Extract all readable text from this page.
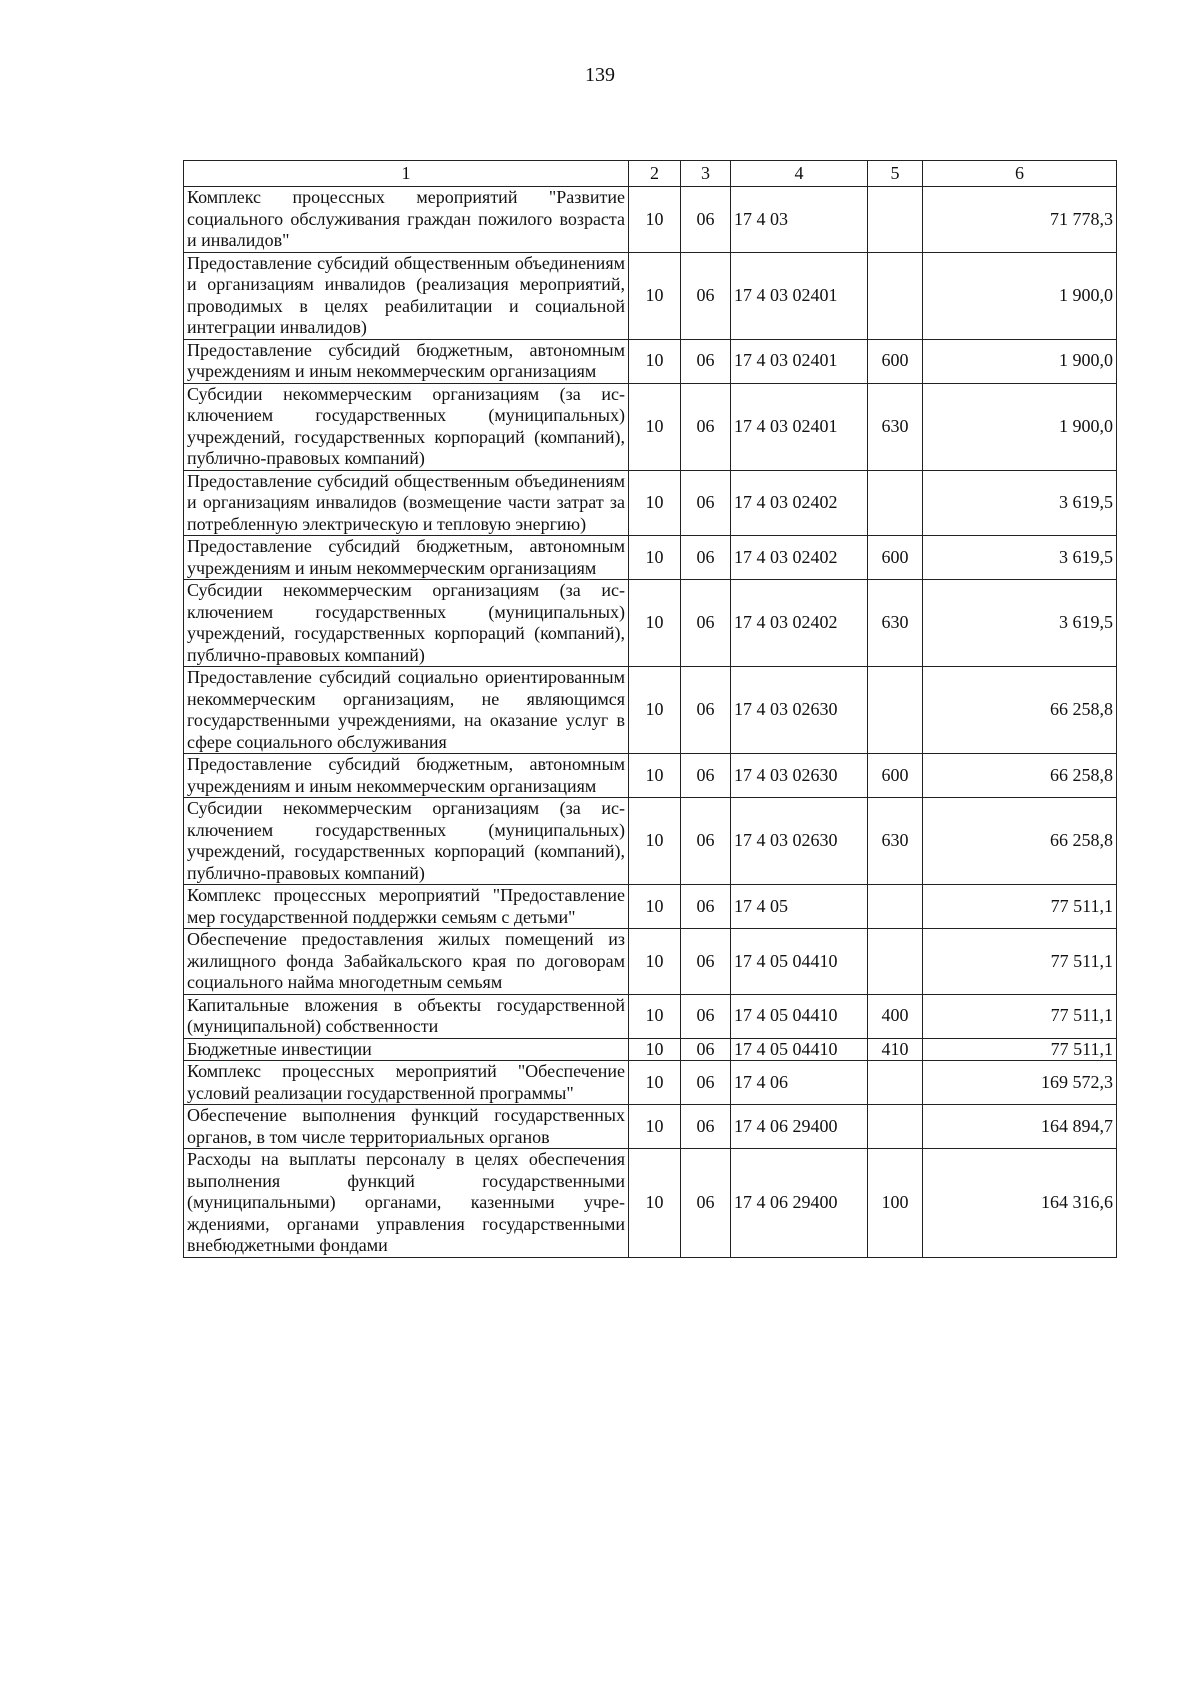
139
1	2	3	4	5	6
Комплекс процессных мероприятий "Развитие социального обслуживания граждан пожилого возраста и инвалидов"	10	06	17 4 03		71 778,3
Предоставление субсидий общественным объединениям и организациям инвалидов (реализация мероприятий, проводимых в целях реабилитации и социальной интеграции инвалидов)	10	06	17 4 03 02401		1 900,0
Предоставление субсидий бюджетным, автономным учреждениям и иным некоммерческим организациям	10	06	17 4 03 02401	600	1 900,0
Субсидии некоммерческим организациям (за исключением государственных (муниципальных) учреждений, государственных корпораций (компаний), публично-правовых компаний)	10	06	17 4 03 02401	630	1 900,0
Предоставление субсидий общественным объединениям и организациям инвалидов (возмещение части затрат за потребленную электрическую и тепловую энергию)	10	06	17 4 03 02402		3 619,5
Предоставление субсидий бюджетным, автономным учреждениям и иным некоммерческим организациям	10	06	17 4 03 02402	600	3 619,5
Субсидии некоммерческим организациям (за исключением государственных (муниципальных) учреждений, государственных корпораций (компаний), публично-правовых компаний)	10	06	17 4 03 02402	630	3 619,5
Предоставление субсидий социально ориентированным некоммерческим организациям, не являющимся государственными учреждениями, на оказание услуг в сфере социального обслуживания	10	06	17 4 03 02630		66 258,8
Предоставление субсидий бюджетным, автономным учреждениям и иным некоммерческим организациям	10	06	17 4 03 02630	600	66 258,8
Субсидии некоммерческим организациям (за исключением государственных (муниципальных) учреждений, государственных корпораций (компаний), публично-правовых компаний)	10	06	17 4 03 02630	630	66 258,8
Комплекс процессных мероприятий "Предоставление мер государственной поддержки семьям с детьми"	10	06	17 4 05		77 511,1
Обеспечение предоставления жилых помещений из жилищного фонда Забайкальского края по договорам социального найма многодетным семьям	10	06	17 4 05 04410		77 511,1
Капитальные вложения в объекты государственной (муниципальной) собственности	10	06	17 4 05 04410	400	77 511,1
Бюджетные инвестиции	10	06	17 4 05 04410	410	77 511,1
Комплекс процессных мероприятий "Обеспечение условий реализации государственной программы"	10	06	17 4 06		169 572,3
Обеспечение выполнения функций государственных органов, в том числе территориальных органов	10	06	17 4 06 29400		164 894,7
Расходы на выплаты персоналу в целях обеспечения выполнения функций государственными (муниципальными) органами, казенными учреждениями, органами управления государственными внебюджетными фондами	10	06	17 4 06 29400	100	164 316,6
